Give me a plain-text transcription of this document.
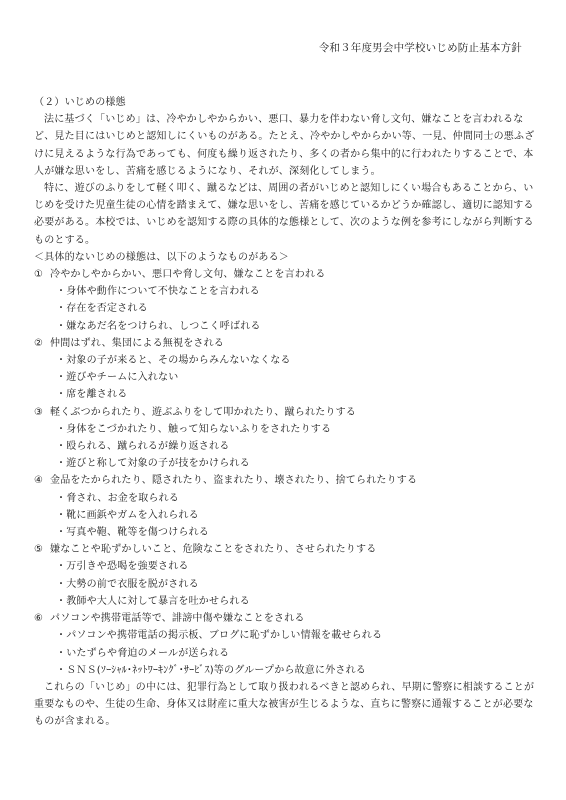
令和３年度男会中学校いじめ防止基本方針
（２）いじめの様態
法に基づく「いじめ」は、冷やかしやからかい、悪口、暴力を伴わない脅し文句、嫌なことを言われるな
ど、見た目にはいじめと認知しにくいものがある。たとえ、冷やかしやからかい等、一見、仲間同士の悪ふざ
けに見えるような行為であっても、何度も繰り返されたり、多くの者から集中的に行われたりすることで、本
人が嫌な思いをし、苦痛を感じるようになり、それが、深刻化してしまう。
特に、遊びのふりをして軽く叩く、蹴るなどは、周囲の者がいじめと認知しにくい場合もあることから、い
じめを受けた児童生徒の心情を踏まえて、嫌な思いをし、苦痛を感じているかどうか確認し、適切に認知する
必要がある。本校では、いじめを認知する際の具体的な態様として、次のような例を参考にしながら判断する
ものとする。
＜具体的ないじめの様態は、以下のようなものがある＞
① 冷やかしやからかい、悪口や脅し文句、嫌なことを言われる
・身体や動作について不快なことを言われる
・存在を否定される
・嫌なあだ名をつけられ、しつこく呼ばれる
② 仲間はずれ、集団による無視をされる
・対象の子が来ると、その場からみんないなくなる
・遊びやチームに入れない
・席を離される
③ 軽くぶつかられたり、遊ぶふりをして叩かれたり、蹴られたりする
・身体をこづかれたり、触って知らないふりをされたりする
・殴られる、蹴られるが繰り返される
・遊びと称して対象の子が技をかけられる
④ 金品をたかられたり、隠されたり、盗まれたり、壊されたり、捨てられたりする
・脅され、お金を取られる
・靴に画鋲やガムを入れられる
・写真や鞄、靴等を傷つけられる
⑤ 嫌なことや恥ずかしいこと、危険なことをされたり、させられたりする
・万引きや恐喝を強要される
・大勢の前で衣服を脱がされる
・教師や大人に対して暴言を吐かせられる
⑥ パソコンや携帯電話等で、誹謗中傷や嫌なことをされる
・パソコンや携帯電話の掲示板、ブログに恥ずかしい情報を載せられる
・いたずらや脅迫のメールが送られる
・ＳＮＳ(ｿｰｼｬﾙ･ﾈｯﾄﾜｰｷﾝｸﾞ･ｻｰﾋﾞｽ)等のグループから故意に外される
これらの「いじめ」の中には、犯罪行為として取り扱われるべきと認められ、早期に警察に相談することが
重要なものや、生徒の生命、身体又は財産に重大な被害が生じるような、直ちに警察に通報することが必要な
ものが含まれる。
